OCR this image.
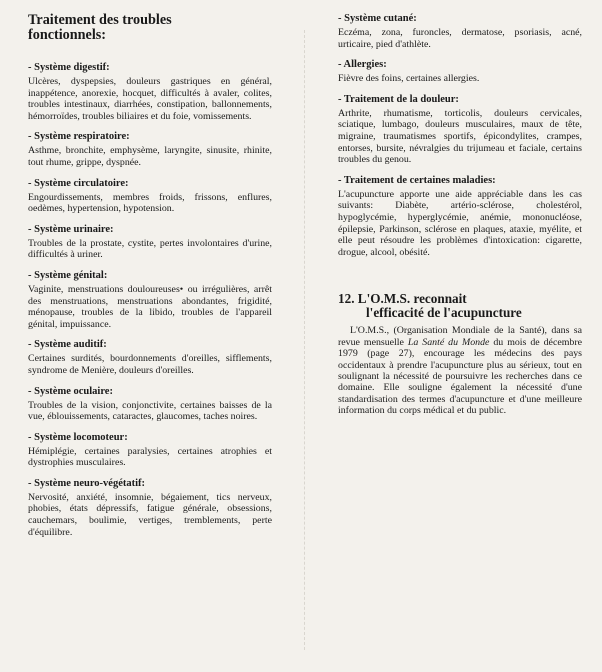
Traitement des troubles
fonctionnels:
- Système digestif:
Ulcères, dyspepsies, douleurs gastriques en général, inappétence, anorexie, hocquet, difficultés à avaler, colites, troubles intestinaux, diarrhées, constipation, ballonnements, hémorroïdes, troubles biliaires et du foie, vomissements.
- Système respiratoire:
Asthme, bronchite, emphysème, laryngite, sinusite, rhinite, tout rhume, grippe, dyspnée.
- Système circulatoire:
Engourdissements, membres froids, frissons, enflures, oedèmes, hypertension, hypotension.
- Système urinaire:
Troubles de la prostate, cystite, pertes involontaires d'urine, difficultés à uriner.
- Système génital:
Vaginite, menstruations douloureuses• ou irrégulières, arrêt des menstruations, menstruations abondantes, frigidité, ménopause, troubles de la libido, troubles de l'appareil génital, impuissance.
- Système auditif:
Certaines surdités, bourdonnements d'oreilles, sifflements, syndrome de Menière, douleurs d'oreilles.
- Système oculaire:
Troubles de la vision, conjonctivite, certaines baisses de la vue, éblouissements, cataractes, glaucomes, taches noires.
- Système locomoteur:
Hémiplégie, certaines paralysies, certaines atrophies et dystrophies musculaires.
- Système neuro-végétatif:
Nervosité, anxiété, insomnie, bégaiement, tics nerveux, phobies, états dépressifs, fatigue générale, obsessions, cauchemars, boulimie, vertiges, tremblements, perte d'équilibre.
- Système cutané:
Eczéma, zona, furoncles, dermatose, psoriasis, acné, urticaire, pied d'athlète.
- Allergies:
Fièvre des foins, certaines allergies.
- Traitement de la douleur:
Arthrite, rhumatisme, torticolis, douleurs cervicales, sciatique, lumbago, douleurs musculaires, maux de tête, migraine, traumatismes sportifs, épicondylites, crampes, entorses, bursite, névralgies du trijumeau et faciale, certains troubles du genou.
- Traitement de certaines maladies:
L'acupuncture apporte une aide appréciable dans les cas suivants: Diabète, artério-sclérose, cholestérol, hypoglycémie, hyperglycémie, anémie, mononucléose, épilepsie, Parkinson, sclérose en plaques, ataxie, myélite, et elle peut résoudre les problèmes d'intoxication: cigarette, drogue, alcool, obésité.
12. L'O.M.S. reconnait
l'efficacité de l'acupuncture

L'O.M.S., (Organisation Mondiale de la Santé), dans sa revue mensuelle La Santé du Monde du mois de décembre 1979 (page 27), encourage les médecins des pays occidentaux à prendre l'acupuncture plus au sérieux, tout en soulignant la nécessité de poursuivre les recherches dans ce domaine. Elle souligne également la nécessité d'une standardisation des termes d'acupuncture et d'une meilleure information du corps médical et du public.
